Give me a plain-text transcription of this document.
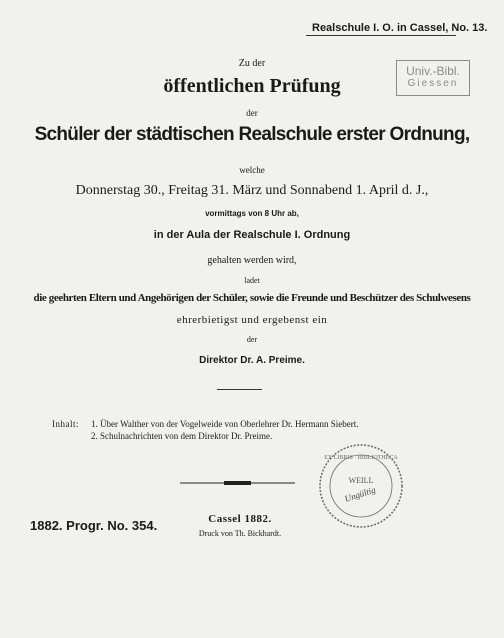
Realschule I. O. in Cassel, No. 13.
Univ.-Bibl.
Giessen
Zu der
öffentlichen Prüfung
der
Schüler der städtischen Realschule erster Ordnung,
welche
Donnerstag 30., Freitag 31. März und Sonnabend 1. April d. J.,
vormittags von 8 Uhr ab,
in der Aula der Realschule I. Ordnung
gehalten werden wird,
ladet
die geehrten Eltern und Angehörigen der Schüler, sowie die Freunde und Beschützer des Schulwesens
ehrerbietigst und ergebenst ein
der
Direktor Dr. A. Preime.
Inhalt: 1. Über Walther von der Vogelweide von Oberlehrer Dr. Hermann Siebert.
2. Schulnachrichten von dem Direktor Dr. Preime.
EX LIBRIS · BIBLIOTHECA
WEILL
Ungültig
1882. Progr. No. 354.	Cassel 1882.
Druck von Th. Bickhardt.
